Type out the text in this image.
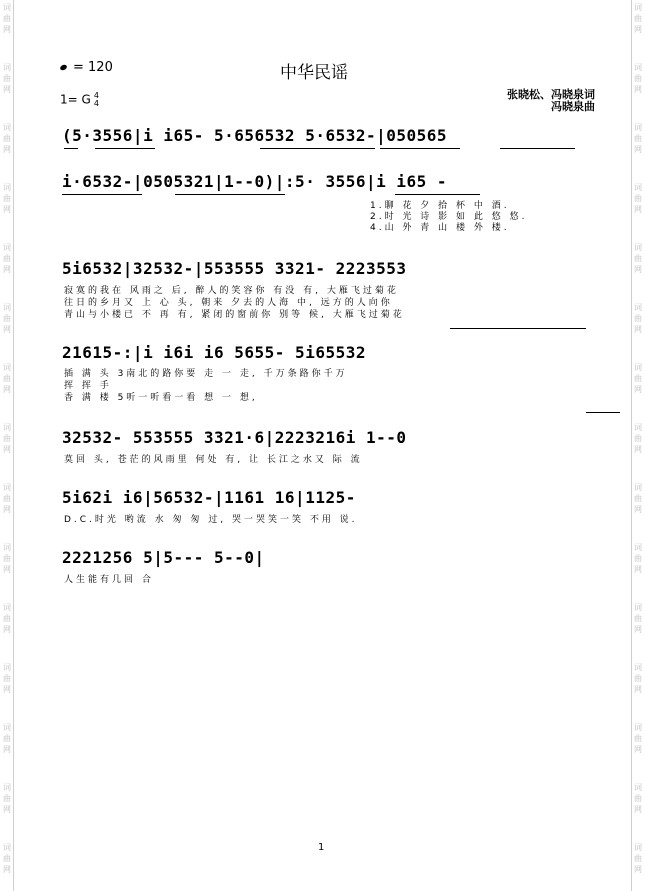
词
曲
网
词
曲
网
词
曲
网
词
曲
网
词
曲
网
词
曲
网
词
曲
网
词
曲
网
词
曲
网
词
曲
网
词
曲
网
词
曲
网
词
曲
网
词
曲
网
词
曲
网
词
曲
网
词
曲
网
词
曲
网
词
曲
网
词
曲
网
词
曲
网
词
曲
网
词
曲
网
词
曲
网
词
曲
网
词
曲
网
词
曲
网
词
曲
网
词
曲
网
词
曲
网
= 120	中华民谣
1= G 4
4
张晓松、冯晓泉词
冯晓泉曲
(5·3556|i i65- 5·656532 5·6532-|050565
i·6532-|0505321|1--0)|:5· 3556|i i65 -
5i6532|32532-|553555 3321- 2223553
21615-:|i i6i i6 5655- 5i65532
32532- 553555 3321·6|2223216i 1--0
5i62i i6|56532-|1161 16|1125-
2221256 5|5--- 5--0|
1.聊 花 夕 拾 杯 中 酒.
2.时 光 诗 影 如 此 悠 悠.
4.山 外 青 山 楼 外 楼.
寂寞的我在 风雨之 后, 醉人的笑容你 有没 有, 大雁飞过菊花
往日的乡月又 上 心 头, 朝来 夕去的人海 中, 远方的人向你
青山与小楼已 不 再 有, 紧闭的窗前你 别等 候, 大雁飞过菊花
插 满 头 3南北的路你要 走 一 走, 千万条路你千万
挥 挥 手
香 满 楼 5听一听看一看 想 一 想,
莫回 头, 苍茫的风雨里 何处 有, 让 长江之水又 际 流
D.C.时光 哟流 水 匆 匆 过, 哭一哭笑一笑 不用 说.
人生能有几回 合
1
